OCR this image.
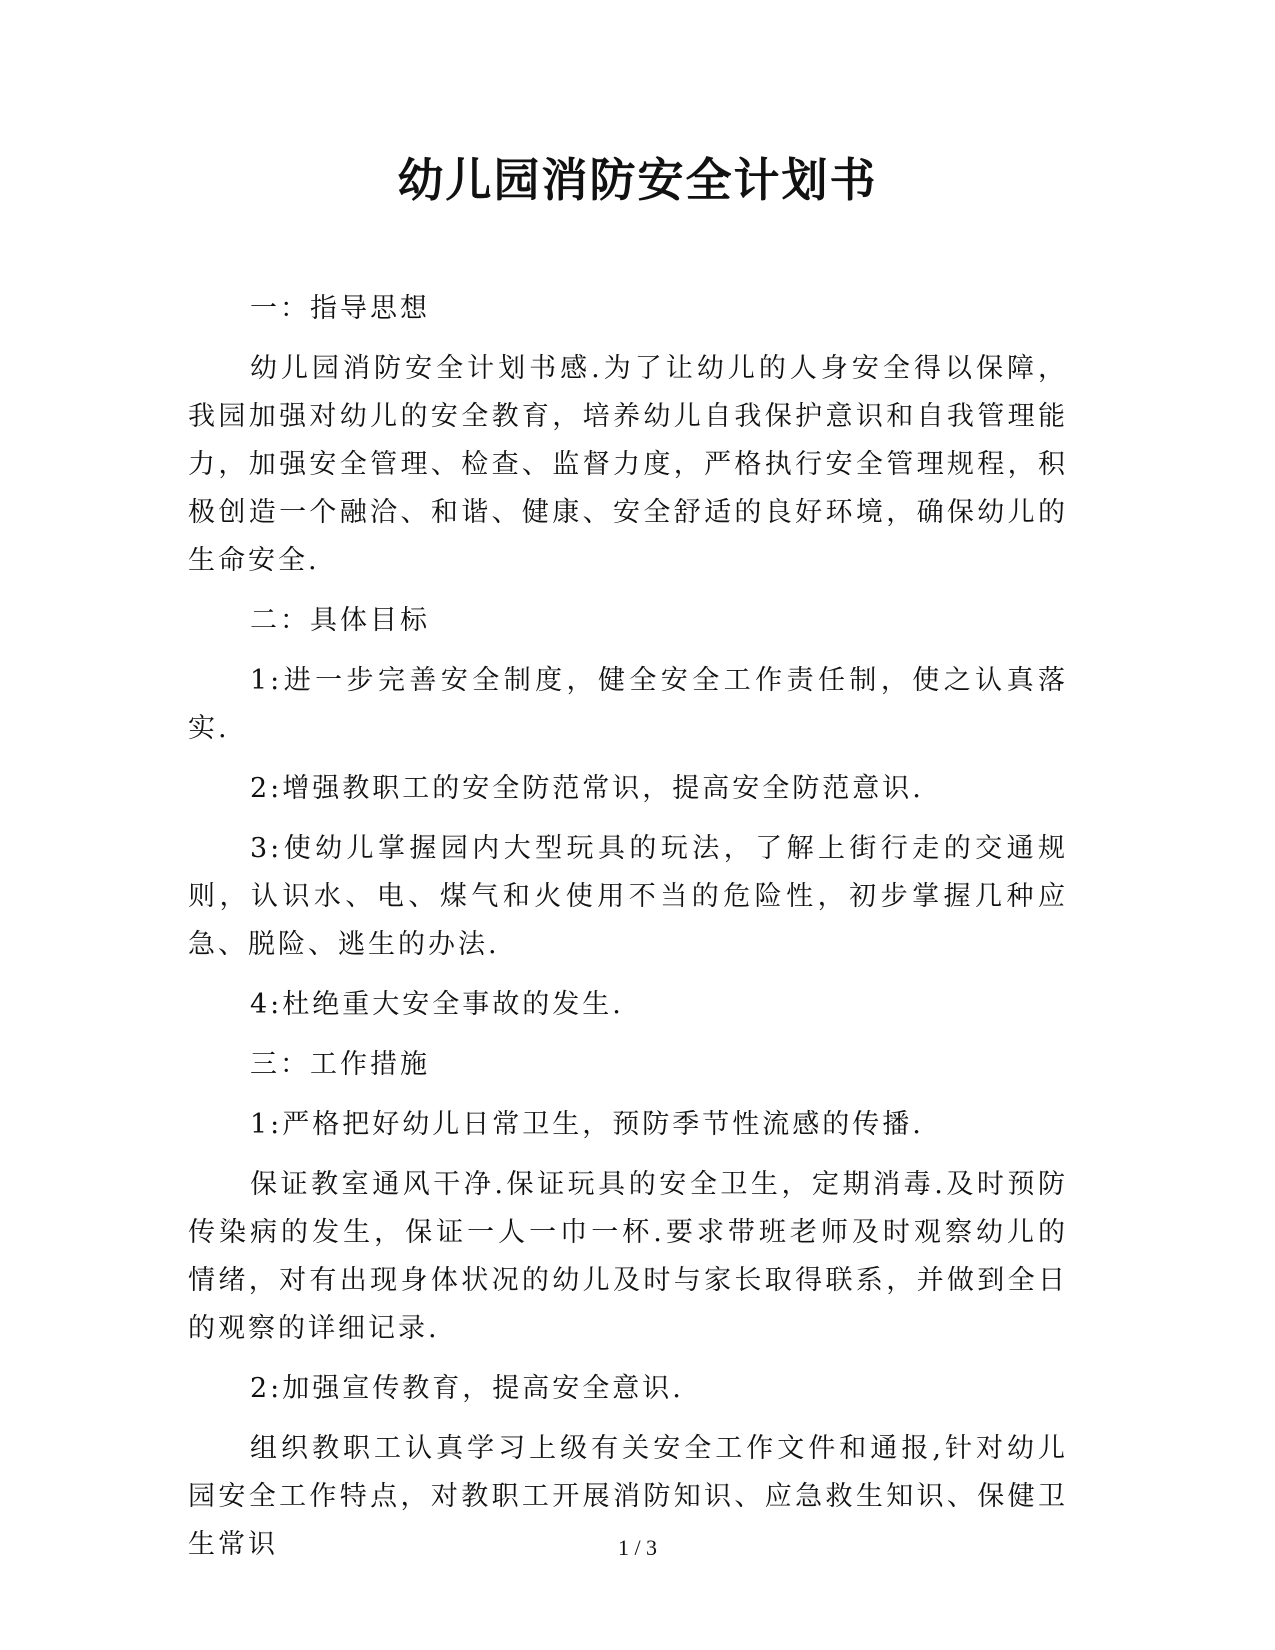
幼儿园消防安全计划书

一：指导思想

幼儿园消防安全计划书感.为了让幼儿的人身安全得以保障，我园加强对幼儿的安全教育，培养幼儿自我保护意识和自我管理能力，加强安全管理、检查、监督力度，严格执行安全管理规程，积极创造一个融洽、和谐、健康、安全舒适的良好环境，确保幼儿的生命安全.

二：具体目标

1:进一步完善安全制度，健全安全工作责任制，使之认真落实.

2:增强教职工的安全防范常识，提高安全防范意识.

3:使幼儿掌握园内大型玩具的玩法，了解上街行走的交通规则，认识水、电、煤气和火使用不当的危险性，初步掌握几种应急、脱险、逃生的办法.

4:杜绝重大安全事故的发生.

三：工作措施

1:严格把好幼儿日常卫生，预防季节性流感的传播.

保证教室通风干净.保证玩具的安全卫生，定期消毒.及时预防传染病的发生，保证一人一巾一杯.要求带班老师及时观察幼儿的情绪，对有出现身体状况的幼儿及时与家长取得联系，并做到全日的观察的详细记录.

2:加强宣传教育，提高安全意识.

组织教职工认真学习上级有关安全工作文件和通报,针对幼儿园安全工作特点，对教职工开展消防知识、应急救生知识、保健卫生常识	1 / 3
